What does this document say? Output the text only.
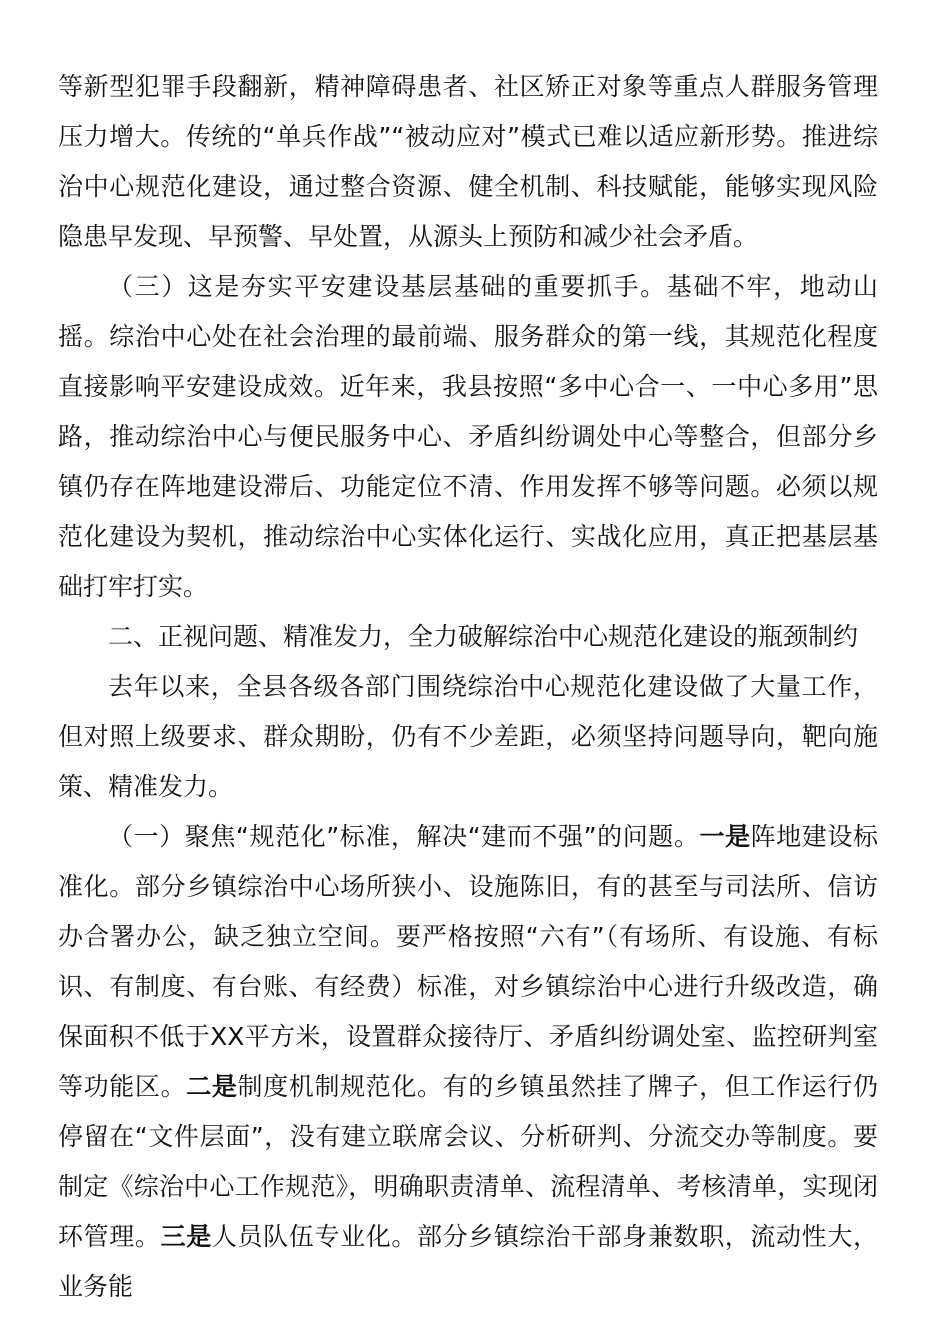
等新型犯罪手段翻新，精神障碍患者、社区矫正对象等重点人群服务管理压力增大。传统的“单兵作战”“被动应对”模式已难以适应新形势。推进综治中心规范化建设，通过整合资源、健全机制、科技赋能，能够实现风险隐患早发现、早预警、早处置，从源头上预防和减少社会矛盾。

（三）这是夯实平安建设基层基础的重要抓手。基础不牢，地动山摇。综治中心处在社会治理的最前端、服务群众的第一线，其规范化程度直接影响平安建设成效。近年来，我县按照“多中心合一、一中心多用”思路，推动综治中心与便民服务中心、矛盾纠纷调处中心等整合，但部分乡镇仍存在阵地建设滞后、功能定位不清、作用发挥不够等问题。必须以规范化建设为契机，推动综治中心实体化运行、实战化应用，真正把基层基础打牢打实。

二、正视问题、精准发力，全力破解综治中心规范化建设的瓶颈制约

去年以来，全县各级各部门围绕综治中心规范化建设做了大量工作，但对照上级要求、群众期盼，仍有不少差距，必须坚持问题导向，靶向施策、精准发力。

（一）聚焦“规范化”标准，解决“建而不强”的问题。一是阵地建设标准化。部分乡镇综治中心场所狭小、设施陈旧，有的甚至与司法所、信访办合署办公，缺乏独立空间。要严格按照“六有”（有场所、有设施、有标识、有制度、有台账、有经费）标准，对乡镇综治中心进行升级改造，确保面积不低于XX平方米，设置群众接待厅、矛盾纠纷调处室、监控研判室等功能区。二是制度机制规范化。有的乡镇虽然挂了牌子，但工作运行仍停留在“文件层面”，没有建立联席会议、分析研判、分流交办等制度。要制定《综治中心工作规范》，明确职责清单、流程清单、考核清单，实现闭环管理。三是人员队伍专业化。部分乡镇综治干部身兼数职，流动性大，业务能
